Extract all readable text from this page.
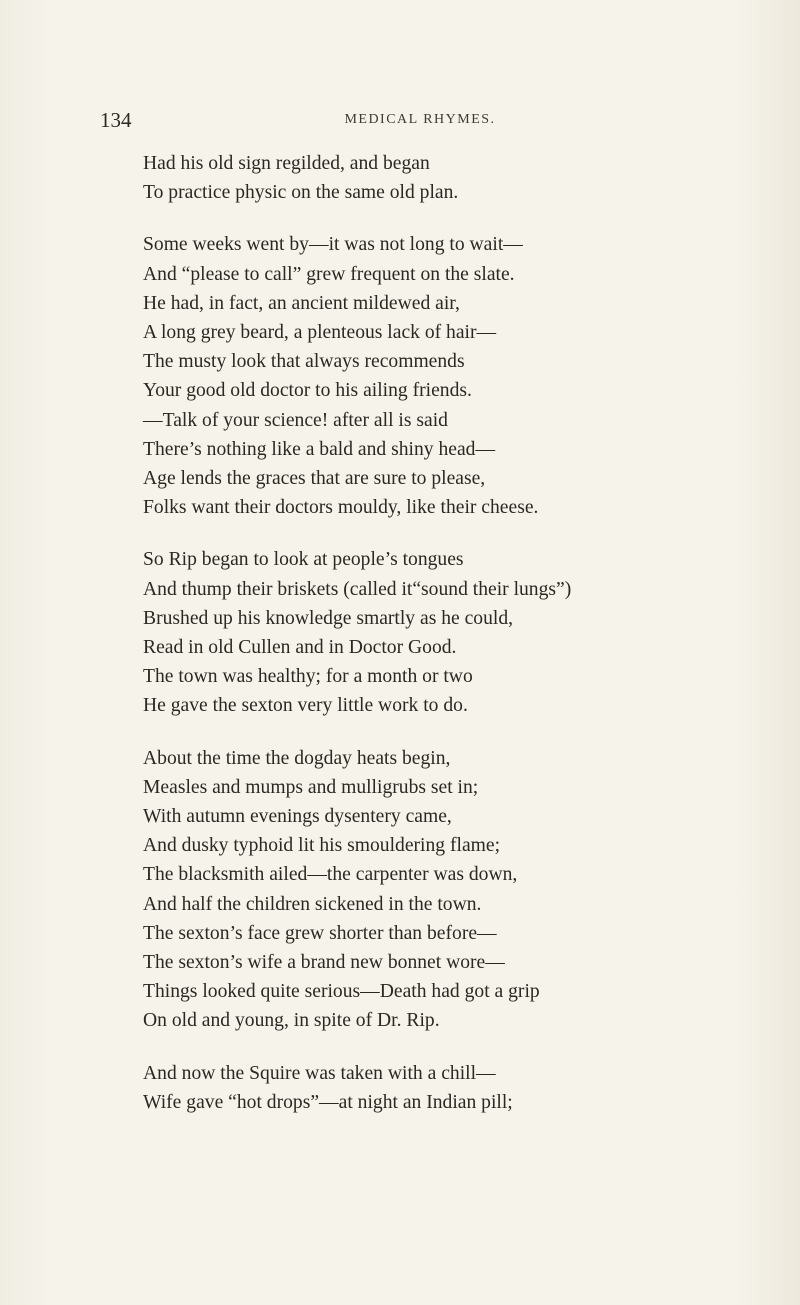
134	MEDICAL RHYMES.
Had his old sign regilded, and began
To practice physic on the same old plan.
Some weeks went by—it was not long to wait—
And “please to call” grew frequent on the slate.
He had, in fact, an ancient mildewed air,
A long grey beard, a plenteous lack of hair—
The musty look that always recommends
Your good old doctor to his ailing friends.
—Talk of your science! after all is said
There’s nothing like a bald and shiny head—
Age lends the graces that are sure to please,
Folks want their doctors mouldy, like their cheese.
So Rip began to look at people’s tongues
And thump their briskets (called it“sound their lungs”)
Brushed up his knowledge smartly as he could,
Read in old Cullen and in Doctor Good.
The town was healthy; for a month or two
He gave the sexton very little work to do.
About the time the dogday heats begin,
Measles and mumps and mulligrubs set in;
With autumn evenings dysentery came,
And dusky typhoid lit his smouldering flame;
The blacksmith ailed—the carpenter was down,
And half the children sickened in the town.
The sexton’s face grew shorter than before—
The sexton’s wife a brand new bonnet wore—
Things looked quite serious—Death had got a grip
On old and young, in spite of Dr. Rip.
And now the Squire was taken with a chill—
Wife gave “hot drops”—at night an Indian pill;
